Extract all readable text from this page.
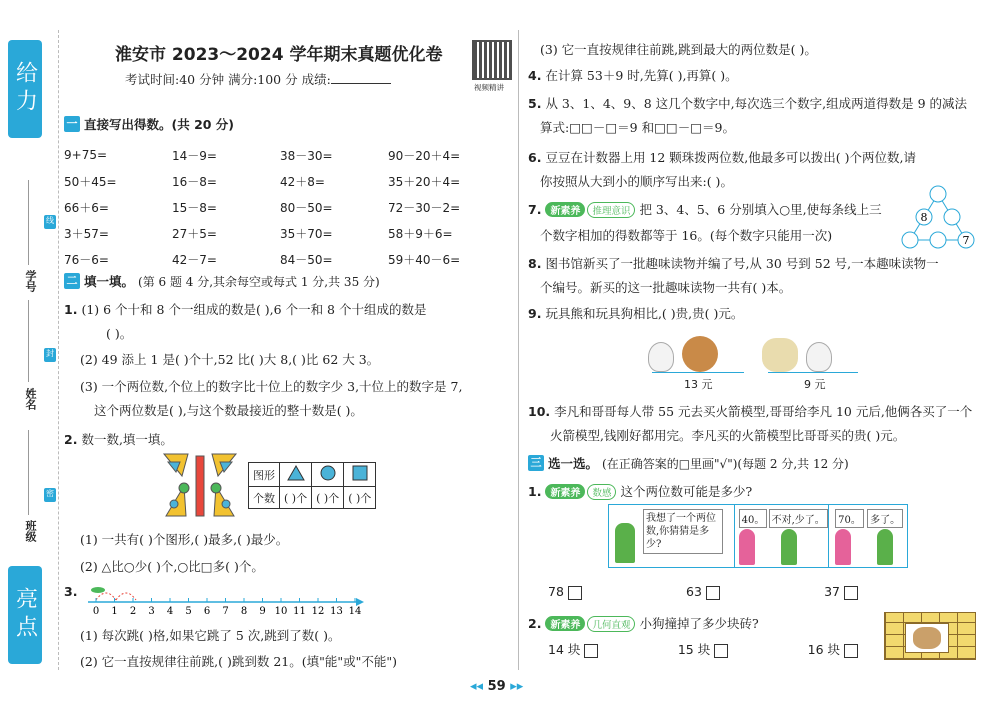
给力
亮点
学号
姓名
班级
线
封
密
淮安市 2023～2024 学年期末真题优化卷
考试时间:40 分钟 满分:100 分 成绩:
视频精讲
一 直接写出得数。(共 20 分)
9+75=	14－9=	38－30=	90－20＋4=
50＋45=	16－8=	42＋8=	35＋20＋4=
66＋6=	15－8=	80－50=	72－30－2=
3＋57=	27＋5=	35＋70=	58＋9＋6=
76－6=	42－7=	84－50=	59＋40－6=
二 填一填。 (第 6 题 4 分,其余每空或每式 1 分,共 35 分)
1. (1) 6 个十和 8 个一组成的数是( ),6 个一和 8 个十组成的数是
( )。
(2) 49 添上 1 是( )个十,52 比( )大 8,( )比 62 大 3。
(3) 一个两位数,个位上的数字比十位上的数字少 3,十位上的数字是 7,
这个两位数是( ),与这个数最接近的整十数是( )。
2. 数一数,填一填。
图形			
个数	( )个	( )个	( )个
(1) 一共有( )个图形,( )最多,( )最少。
(2) △比○少( )个,○比□多( )个。
3.
0 1 2 3 4 5 6 7 8 9 10 11 12 13 14
(1) 每次跳( )格,如果它跳了 5 次,跳到了数( )。
(2) 它一直按规律往前跳,( )跳到数 21。(填"能"或"不能")
(3) 它一直按规律往前跳,跳到最大的两位数是( )。
4. 在计算 53＋9 时,先算( ),再算( )。
5. 从 3、1、4、9、8 这几个数字中,每次选三个数字,组成两道得数是 9 的减法
算式:□□－□＝9 和□□－□＝9。
6. 豆豆在计数器上用 12 颗珠拨两位数,他最多可以拨出( )个两位数,请
你按照从大到小的顺序写出来:( )。
7. 新素养 推理意识 把 3、4、5、6 分别填入○里,使每条线上三
个数字相加的得数都等于 16。(每个数字只能用一次)
8
7
8. 图书馆新买了一批趣味读物并编了号,从 30 号到 52 号,一本趣味读物一
个编号。新买的这一批趣味读物一共有( )本。
9. 玩具熊和玩具狗相比,( )贵,贵( )元。
13 元	9 元
10. 李凡和哥哥每人带 55 元去买火箭模型,哥哥给李凡 10 元后,他俩各买了一个
火箭模型,钱刚好都用完。李凡买的火箭模型比哥哥买的贵( )元。
三 选一选。 (在正确答案的□里画"√")(每题 2 分,共 12 分)
1. 新素养 数感 这个两位数可能是多少?
我想了一个两位数,你猜猜是多少?
40。 不对,少了。	70。 多了。
78	63	37
2. 新素养 几何直观 小狗撞掉了多少块砖?
14 块	15 块	16 块
◂◂ 59 ▸▸
